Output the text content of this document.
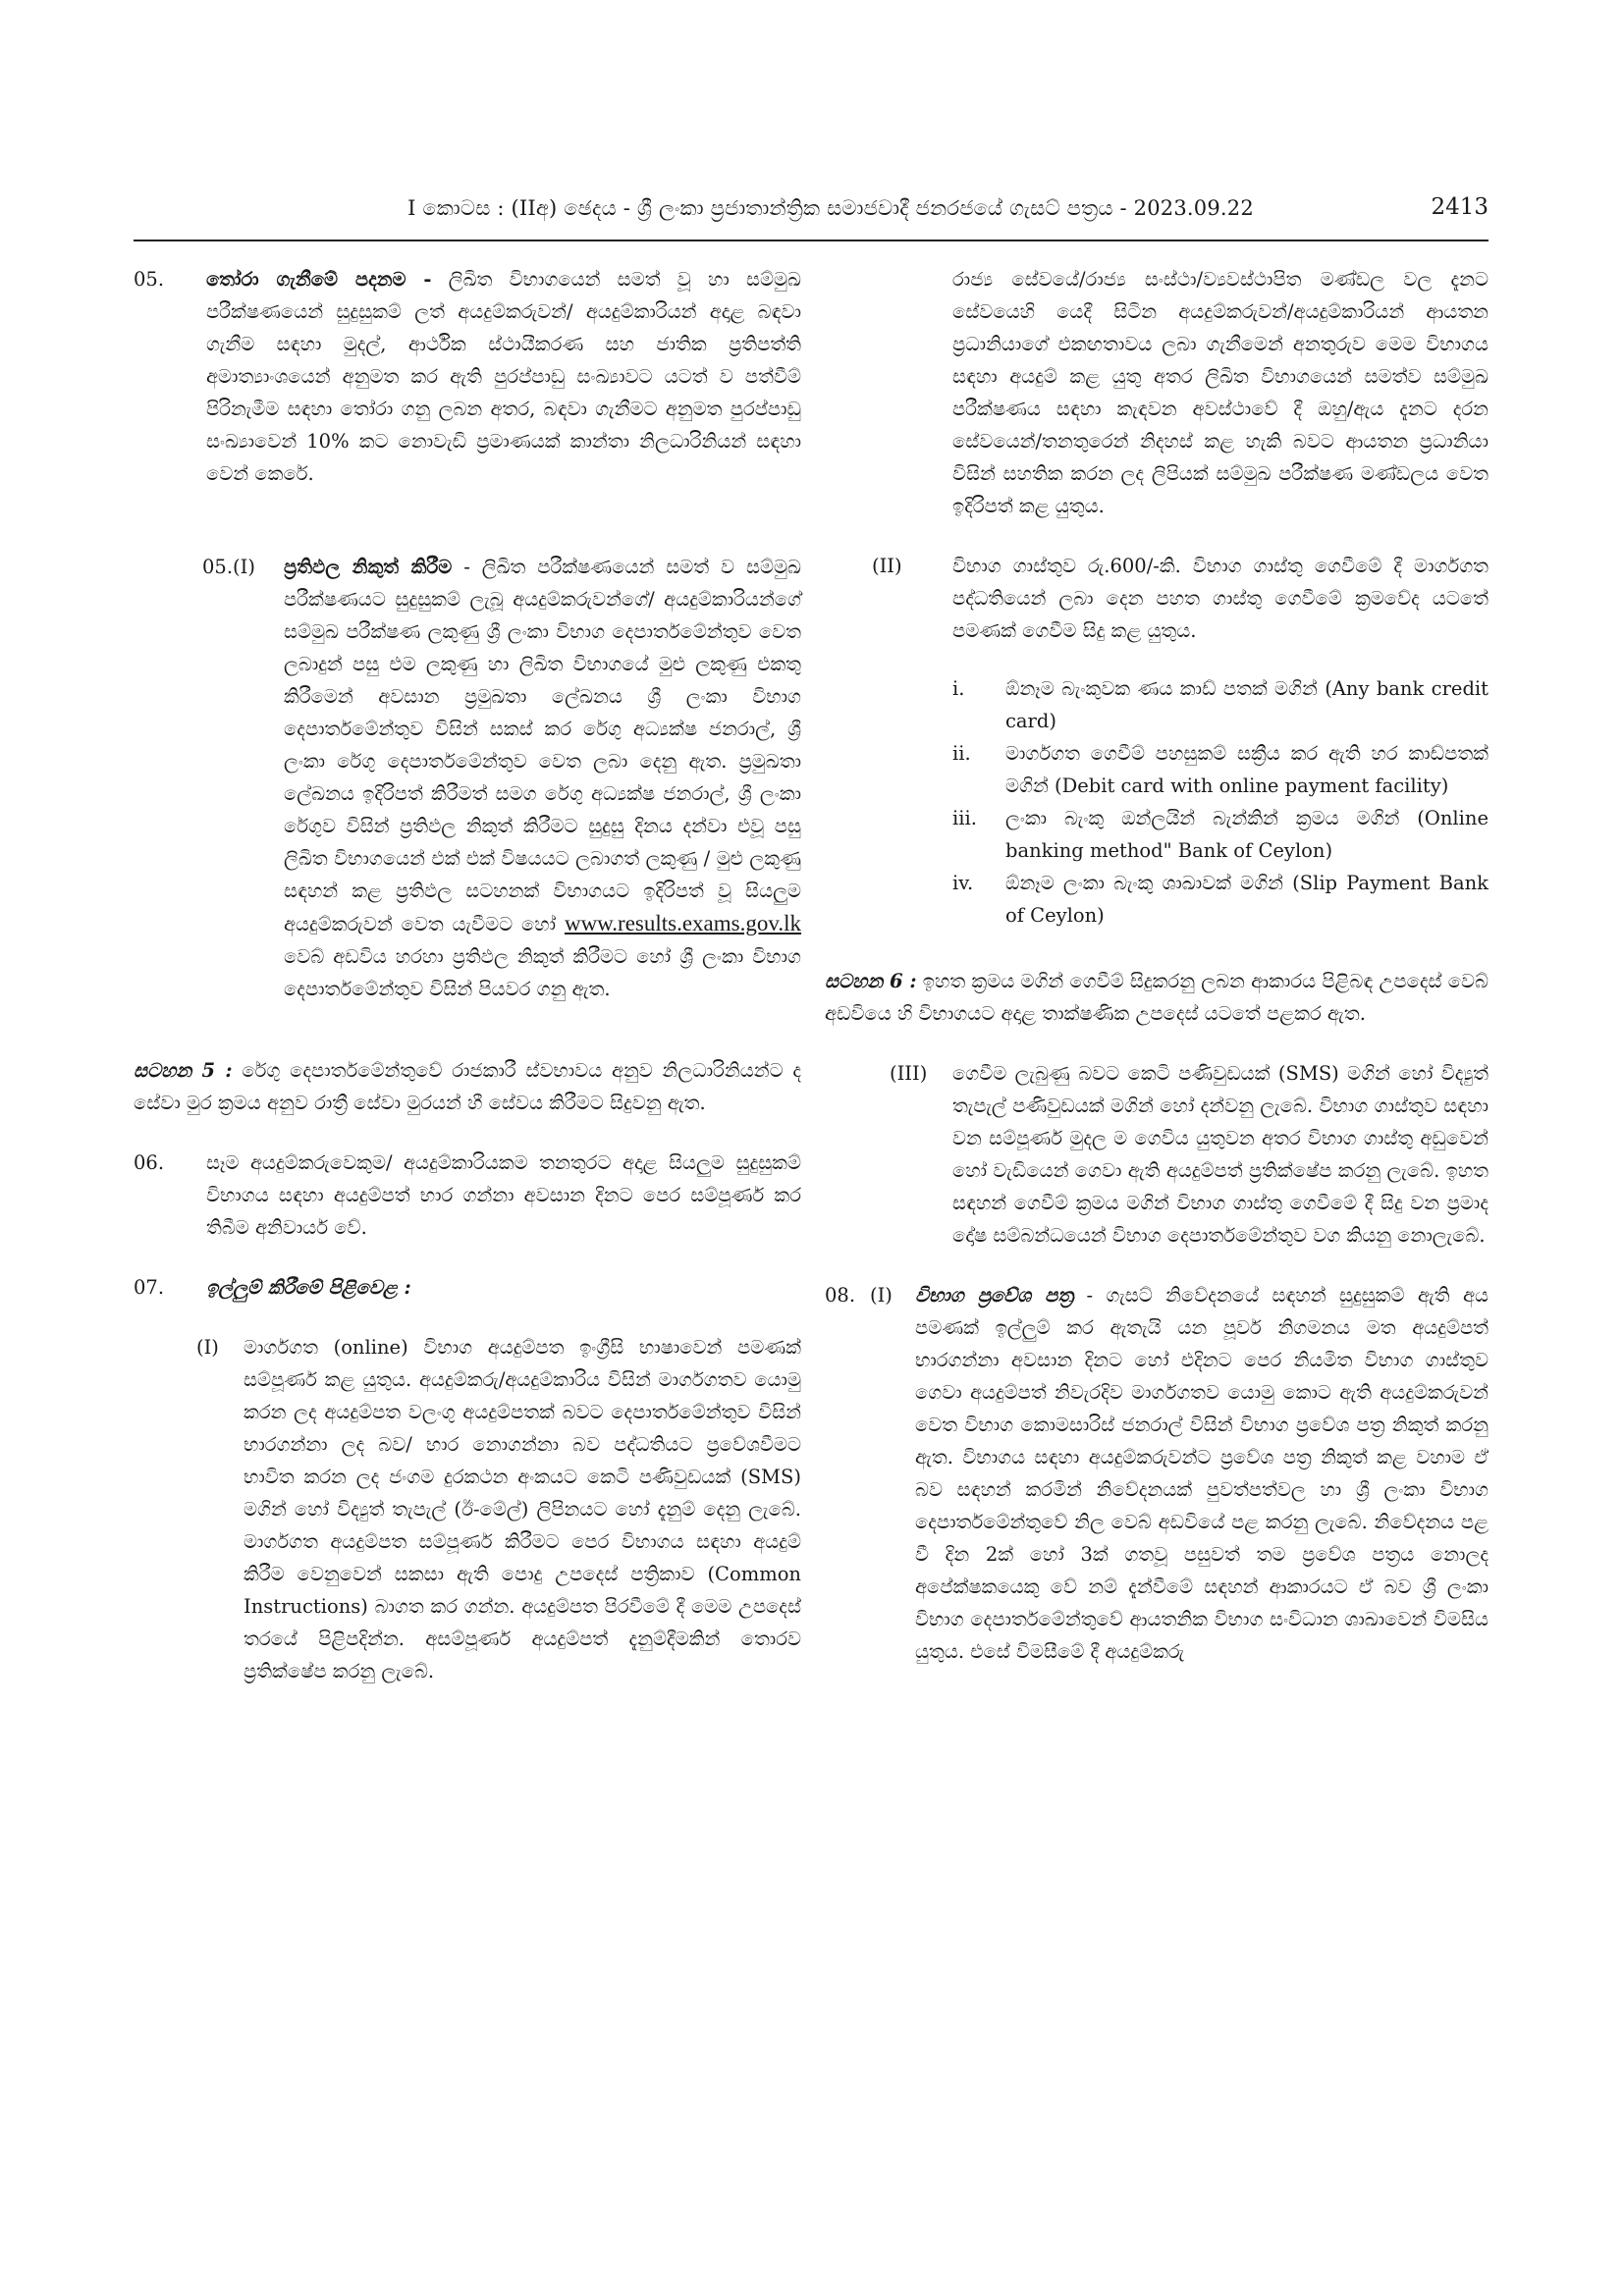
I කොටස : (IIඅ) ඡෙදය - ශ්‍රී ලංකා ප්‍රජාතාන්ත්‍රික සමාජවාදී ජනරජයේ ගැසට් පත්‍රය - 2023.09.22	2413
05. තෝරා ගැනීමේ පදනම - ලිඛිත විභාගයෙන් සමත් වූ හා සම්මුඛ පරීක්ෂණයෙන් සුදුසුකම් ලත් අයදුම්කරුවන්/ අයදුම්කාරියන් අදාළ බඳවා ගැනීම සඳහා මුදල්, ආර්ථික ස්ථායීකරණ සහ ජාතික ප්‍රතිපත්ති අමාත්‍යාංශයෙන් අනුමත කර ඇති පුරප්පාඩු සංඛ්‍යාවට යටත් ව පත්වීම් පිරිනැමීම සඳහා තෝරා ගනු ලබන අතර, බඳවා ගැනීමට අනුමත පුරප්පාඩු සංඛ්‍යාවෙන් 10% කට නොවැඩි ප්‍රමාණයක් කාන්තා නිලධාරිනියන් සඳහා වෙන් කෙරේ.
05.(I) ප්‍රතිඵල නිකුත් කිරීම - ලිඛිත පරීක්ෂණයෙන් සමත් ව සම්මුඛ පරීක්ෂණයට සුදුසුකම් ලැබූ අයදුම්කරුවන්ගේ/ අයදුම්කාරියන්ගේ සම්මුඛ පරීක්ෂණ ලකුණු ශ්‍රී ලංකා විභාග දෙපාර්තමේන්තුව වෙත ලබාදුන් පසු එම ලකුණු හා ලිඛිත විභාගයේ මුළු ලකුණු එකතු කිරීමෙන් අවසාන ප්‍රමුඛතා ලේඛනය ශ්‍රී ලංකා විභාග දෙපාර්තමේන්තුව විසින් සකස් කර රේගු අධ්‍යක්ෂ ජනරාල්, ශ්‍රී ලංකා රේගු දෙපාර්තමේන්තුව වෙත ලබා දෙනු ඇත. ප්‍රමුඛතා ලේඛනය ඉදිරිපත් කිරීමත් සමග රේගු අධ්‍යක්ෂ ජනරාල්, ශ්‍රී ලංකා රේගුව විසින් ප්‍රතිඵල නිකුත් කිරීමට සුදුසු දිනය දන්වා එවූ පසු ලිඛිත විභාගයෙන් එක් එක් විෂයයට ලබාගත් ලකුණු / මුළු ලකුණු සඳහන් කළ ප්‍රතිඵල සටහනක් විභාගයට ඉදිරිපත් වූ සියලුම අයදුම්කරුවන් වෙත යැවීමට හෝ www.results.exams.gov.lk වෙබ් අඩවිය හරහා ප්‍රතිඵල නිකුත් කිරීමට හෝ ශ්‍රී ලංකා විභාග දෙපාර්තමේන්තුව විසින් පියවර ගනු ඇත.
සටහන 5 : රේගු දෙපාර්තමේන්තුවේ රාජකාරී ස්වභාවය අනුව නිලධාරිනියන්ට ද සේවා මුර ක්‍රමය අනුව රාත්‍රී සේවා මුරයන් හී සේවය කිරීමට සිදුවනු ඇත.
06. සෑම අයදුම්කරුවෙකුම/ අයදුම්කාරියකම තනතුරට අදාළ සියලුම සුදුසුකම් විභාගය සඳහා අයදුම්පත් භාර ගන්නා අවසාන දිනට පෙර සම්පූර්ණ කර තිබීම අනිවාර්ය වේ.
07. ඉල්ලුම් කිරීමේ පිළිවෙළ :
(I) මාර්ගගත (online) විභාග අයදුම්පත ඉංග්‍රීසි භාෂාවෙන් පමණක් සම්පූර්ණ කළ යුතුය. අයදුම්කරු/අයදුම්කාරිය විසින් මාර්ගගතව යොමු කරන ලද අයදුම්පත වලංගු අයදුම්පතක් බවට දෙපාර්තමේන්තුව විසින් භාරගන්නා ලද බව/ භාර නොගන්නා බව පද්ධතියට ප්‍රවේශවීමට භාවිත කරන ලද ජංගම දුරකථන අංකයට කෙටි පණිවුඩයක් (SMS) මගින් හෝ විද්‍යුත් තැපැල් (ඊ-මේල්) ලිපිනයට හෝ දැනුම් දෙනු ලැබේ. මාර්ගගත අයදුම්පත සම්පූර්ණ කිරීමට පෙර විභාගය සඳහා අයදුම් කිරීම වෙනුවෙන් සකසා ඇති පොදු උපදෙස් පත්‍රිකාව (Common Instructions) බාගත කර ගන්න. අයදුම්පත පිරවීමේ දී මෙම උපදෙස් තරයේ පිළිපදින්න. අසම්පූර්ණ අයදුම්පත් දැනුම්දීමකින් තොරව ප්‍රතික්ෂේප කරනු ලැබේ.
රාජ්‍ය සේවයේ/රාජ්‍ය සංස්ථා/ව්‍යවස්ථාපිත මණ්ඩල වල දැනට සේවයෙහි යෙදී සිටින අයදුම්කරුවන්/අයදුම්කාරියන් ආයතන ප්‍රධානියාගේ එකඟතාවය ලබා ගැනීමෙන් අනතුරුව මෙම විභාගය සඳහා අයදුම් කළ යුතු අතර ලිඛිත විභාගයෙන් සමත්ව සම්මුඛ පරීක්ෂණය සඳහා කැඳවන අවස්ථාවේ දී ඔහු/ඇය දැනට දරන සේවයෙන්/තනතුරෙන් නිදහස් කළ හැකි බවට ආයතන ප්‍රධානියා විසින් සහතික කරන ලද ලිපියක් සම්මුඛ පරීක්ෂණ මණ්ඩලය වෙත ඉදිරිපත් කළ යුතුය.
(II)	විභාග ගාස්තුව රු.600/-කි. විභාග ගාස්තු ගෙවීමේ දී මාර්ගගත පද්ධතියෙන් ලබා දෙන පහත ගාස්තු ගෙවීමේ ක්‍රමවේද යටතේ පමණක් ගෙවීම සිදු කළ යුතුය.
i. ඕනෑම බැංකුවක ණය කාඩ් පතක් මගින් (Any bank credit card)
ii. මාර්ගගත ගෙවීම් පහසුකම් සක්‍රීය කර ඇති හර කාඩ්පතක් මගින් (Debit card with online payment facility)
iii. ලංකා බැංකු ඔන්ලයින් බැන්කින් ක්‍රමය මගින් (Online banking method" Bank of Ceylon)
iv. ඕනෑම ලංකා බැංකු ශාඛාවක් මගින් (Slip Payment Bank of Ceylon)
සටහන 6 : ඉහත ක්‍රමය මගින් ගෙවීම් සිදුකරනු ලබන ආකාරය පිළිබඳ උපදෙස් වෙබ් අඩවියෙ හි විභාගයට අදාළ තාක්ෂණික උපදෙස් යටතේ පළකර ඇත.
(III) ගෙවීම ලැබුණු බවට කෙටි පණිවුඩයක් (SMS) මගින් හෝ විද්‍යුත් තැපැල් පණිවුඩයක් මගින් හෝ දන්වනු ලැබේ. විභාග ගාස්තුව සඳහා වන සම්පූර්ණ මුදල ම ගෙවිය යුතුවන අතර විභාග ගාස්තු අඩුවෙන් හෝ වැඩියෙන් ගෙවා ඇති අයදුම්පත් ප්‍රතික්ෂේප කරනු ලැබේ. ඉහත සඳහන් ගෙවීම් ක්‍රමය මගින් විභාග ගාස්තු ගෙවීමේ දී සිදු වන ප්‍රමාද දෝෂ සම්බන්ධයෙන් විභාග දෙපාර්තමේන්තුව වග කියනු නොලැබේ.
08. (I) විභාග ප්‍රවේශ පත්‍ර - ගැසට් නිවේදනයේ සඳහන් සුදුසුකම් ඇති අය පමණක් ඉල්ලුම් කර ඇතැයි යන පූර්ව නිගමනය මත අයදුම්පත් භාරගන්නා අවසාන දිනට හෝ එදිනට පෙර නියමිත විභාග ගාස්තුව ගෙවා අයදුම්පත් නිවැරදිව මාර්ගගතව යොමු කොට ඇති අයදුම්කරුවන් වෙත විභාග කොමසාරිස් ජනරාල් විසින් විභාග ප්‍රවේශ පත්‍ර නිකුත් කරනු ඇත. විභාගය සඳහා අයදුම්කරුවන්ට ප්‍රවේශ පත්‍ර නිකුත් කළ වහාම ඒ බව සඳහන් කරමින් නිවේදනයක් පුවත්පත්වල හා ශ්‍රී ලංකා විභාග දෙපාර්තමේන්තුවේ නිල වෙබ් අඩවියේ පළ කරනු ලැබේ. නිවේදනය පළ වී දින 2ක් හෝ 3ක් ගතවූ පසුවත් තම ප්‍රවේශ පත්‍රය නොලද අපේක්ෂකයෙකු වේ නම් දැන්වීමේ සඳහන් ආකාරයට ඒ බව ශ්‍රී ලංකා විභාග දෙපාර්තමේන්තුවේ ආයතනික විභාග සංවිධාන ශාඛාවෙන් විමසිය යුතුය. එසේ විමසීමේ දී අයදුම්කරු
